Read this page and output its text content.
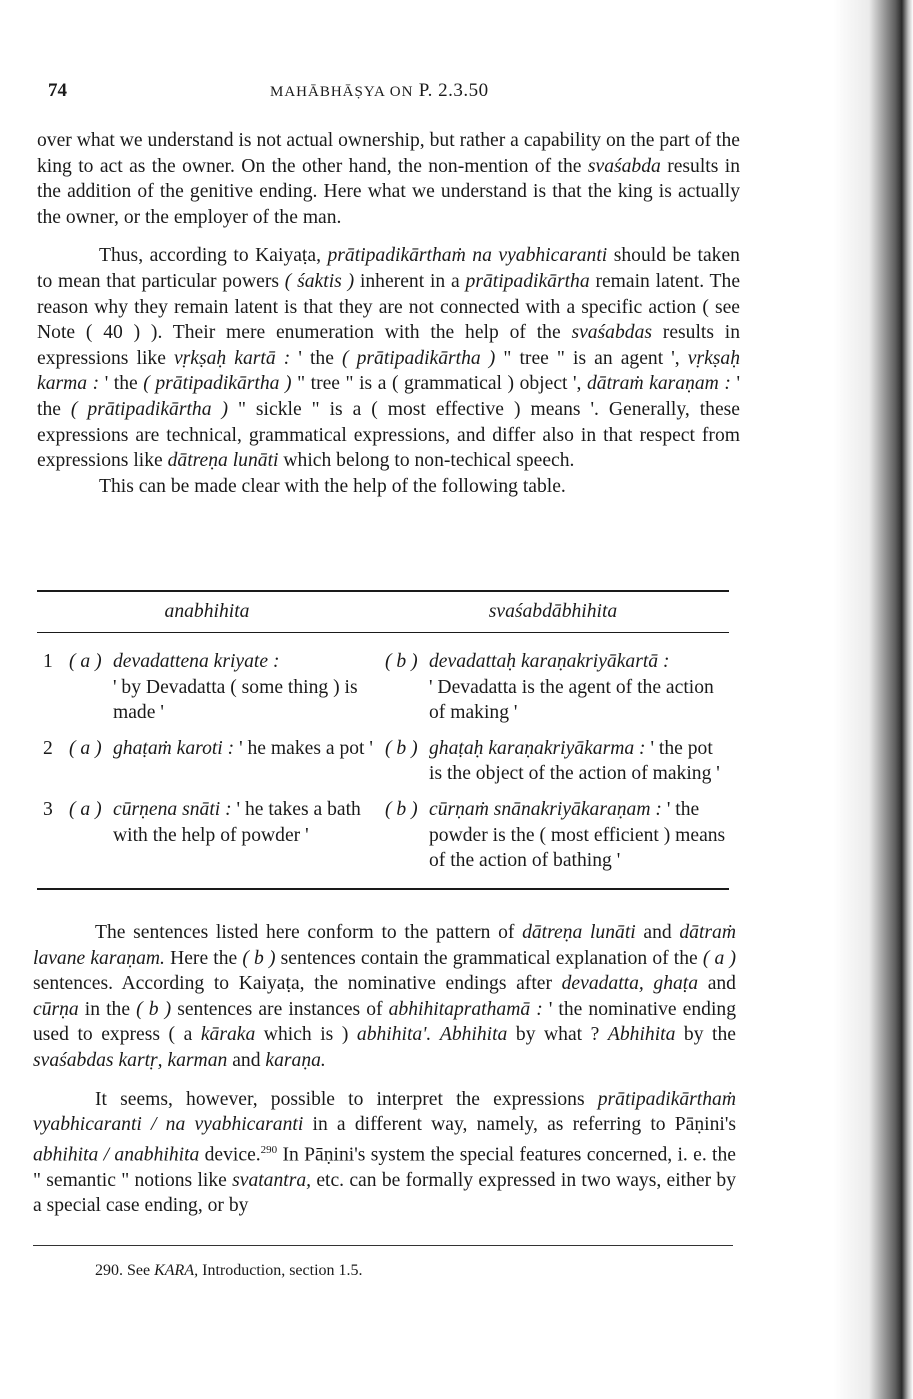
74	MAHĀBHĀṢYA ON P. 2.3.50

over what we understand is not actual ownership, but rather a capability on the part of the king to act as the owner. On the other hand, the non-mention of the svaśabda results in the addition of the genitive ending. Here what we understand is that the king is actually the owner, or the employer of the man.

Thus, according to Kaiyaṭa, prātipadikārthaṁ na vyabhicaranti should be taken to mean that particular powers ( śaktis ) inherent in a prātipadikārtha remain latent. The reason why they remain latent is that they are not connected with a specific action ( see Note ( 40 ) ). Their mere enumeration with the help of the svaśabdas results in expressions like vṛkṣaḥ kartā : ' the ( prātipadikārtha ) " tree " is an agent ', vṛkṣaḥ karma : ' the ( prātipadikārtha ) " tree " is a ( grammatical ) object ', dātraṁ karaṇam : ' the ( prātipadikārtha ) " sickle " is a ( most effective ) means '. Generally, these expressions are technical, grammatical expressions, and differ also in that respect from expressions like dātreṇa lunāti which belong to non-techical speech.

This can be made clear with the help of the following table.

anabhihita	svaśabdābhihita
1 ( a ) devadattena kriyate :
' by Devadatta ( some thing ) is made '
( b ) devadattaḥ karaṇakriyākartā :
' Devadatta is the agent of the action of making '
2 ( a ) ghaṭaṁ karoti : ' he makes a pot ' ( b ) ghaṭaḥ karaṇakriyākarma : ' the pot is the object of the action of making '
3 ( a ) cūrṇena snāti : ' he takes a bath with the help of powder '
( b ) cūrṇaṁ snānakriyākaraṇam : ' the powder is the ( most efficient ) means of the action of bathing '

The sentences listed here conform to the pattern of dātreṇa lunāti and dātraṁ lavane karaṇam. Here the ( b ) sentences contain the grammatical explanation of the ( a ) sentences. According to Kaiyaṭa, the nominative endings after devadatta, ghaṭa and cūrṇa in the ( b ) sentences are instances of abhihitaprathamā : ' the nominative ending used to express ( a kāraka which is ) abhihita'. Abhihita by what ? Abhihita by the svaśabdas kartṛ, karman and karaṇa.

It seems, however, possible to interpret the expressions prātipadikārthaṁ vyabhicaranti / na vyabhicaranti in a different way, namely, as referring to Pāṇini's abhihita / anabhihita device.$^{290}$ In Pāṇini's system the special features concerned, i. e. the " semantic " notions like svatantra, etc. can be formally expressed in two ways, either by a special case ending, or by

290. See KARA, Introduction, section 1.5.
